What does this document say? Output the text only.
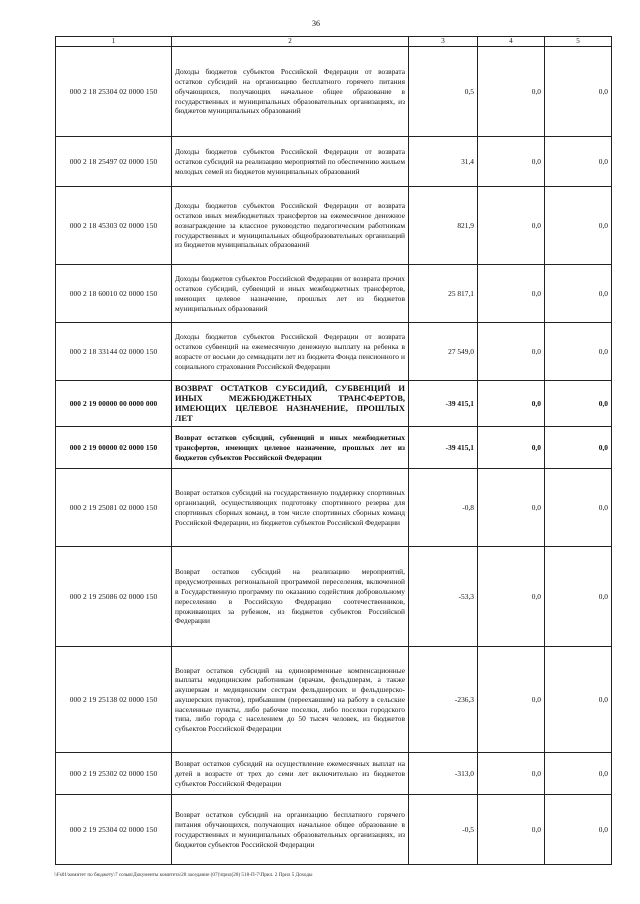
36
1	2	3	4	5
000 2 18 25304 02 0000 150	Доходы бюджетов субъектов Российской Федерации от возврата остатков субсидий на организацию бесплатного горячего питания обучающихся, получающих начальное общее образование в государственных и муниципальных образовательных организациях, из бюджетов муниципальных образований	0,5	0,0	0,0
000 2 18 25497 02 0000 150	Доходы бюджетов субъектов Российской Федерации от возврата остатков субсидий на реализацию мероприятий по обеспечению жильем молодых семей из бюджетов муниципальных образований	31,4	0,0	0,0
000 2 18 45303 02 0000 150	Доходы бюджетов субъектов Российской Федерации от возврата остатков иных межбюджетных трансфертов на ежемесячное денежное вознаграждение за классное руководство педагогическим работникам государственных и муниципальных общеобразовательных организаций из бюджетов муниципальных образований	821,9	0,0	0,0
000 2 18 60010 02 0000 150	Доходы бюджетов субъектов Российской Федерации от возврата прочих остатков субсидий, субвенций и иных межбюджетных трансфертов, имеющих целевое назначение, прошлых лет из бюджетов муниципальных образований	25 817,1	0,0	0,0
000 2 18 33144 02 0000 150	Доходы бюджетов субъектов Российской Федерации от возврата остатков субвенций на ежемесячную денежную выплату на ребенка в возрасте от восьми до семнадцати лет из бюджета Фонда пенсионного и социального страхования Российской Федерации	27 549,0	0,0	0,0
000 2 19 00000 00 0000 000	ВОЗВРАТ ОСТАТКОВ СУБСИДИЙ, СУБВЕНЦИЙ И ИНЫХ МЕЖБЮДЖЕТНЫХ ТРАНСФЕРТОВ, ИМЕЮЩИХ ЦЕЛЕВОЕ НАЗНАЧЕНИЕ, ПРОШЛЫХ ЛЕТ	-39 415,1	0,0	0,0
000 2 19 00000 02 0000 150	Возврат остатков субсидий, субвенций и иных межбюджетных трансфертов, имеющих целевое назначение, прошлых лет из бюджетов субъектов Российской Федерации	-39 415,1	0,0	0,0
000 2 19 25081 02 0000 150	Возврат остатков субсидий на государственную поддержку спортивных организаций, осуществляющих подготовку спортивного резерва для спортивных сборных команд, в том числе спортивных сборных команд Российской Федерации, из бюджетов субъектов Российской Федерации	-0,8	0,0	0,0
000 2 19 25086 02 0000 150	Возврат остатков субсидий на реализацию мероприятий, предусмотренных региональной программой переселения, включенной в Государственную программу по оказанию содействия добровольному переселению в Российскую Федерацию соотечественников, проживающих за рубежом, из бюджетов субъектов Российской Федерации	-53,3	0,0	0,0
000 2 19 25138 02 0000 150	Возврат остатков субсидий на единовременные компенсационные выплаты медицинским работникам (врачам, фельдшерам, а также акушеркам и медицинским сестрам фельдшерских и фельдшерско-акушерских пунктов), прибывшим (переехавшим) на работу в сельские населенные пункты, либо рабочие поселки, либо поселки городского типа, либо города с населением до 50 тысяч человек, из бюджетов субъектов Российской Федерации	-236,3	0,0	0,0
000 2 19 25302 02 0000 150	Возврат остатков субсидий на осуществление ежемесячных выплат на детей в возрасте от трех до семи лет включительно из бюджетов субъектов Российской Федерации	-313,0	0,0	0,0
000 2 19 25304 02 0000 150	Возврат остатков субсидий на организацию бесплатного горячего питания обучающихся, получающих начальное общее образование в государственных и муниципальных образовательных организациях, из бюджетов субъектов Российской Федерации	-0,5	0,0	0,0
\\Fs01\комитет по бюджету\7 созыв\Документы комитета\28 заседание (07)\прил(28) 518-П-7\Прил. 2 Прил 5 Доходы
